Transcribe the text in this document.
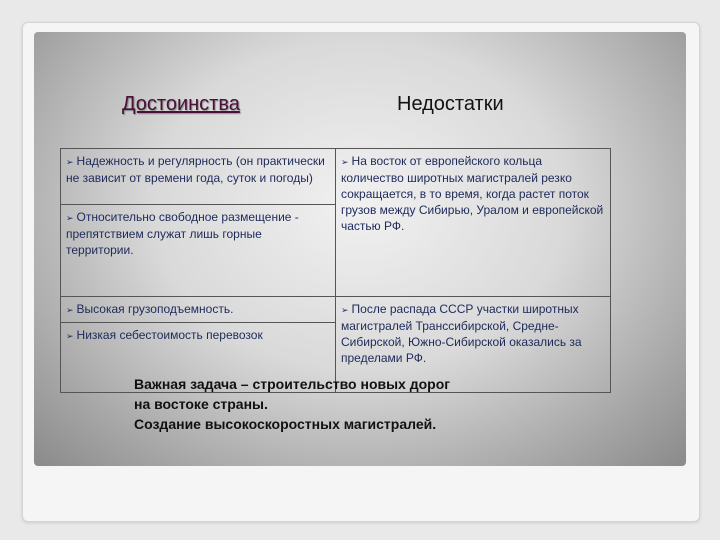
Достоинства	Недостатки
➢ Надежность и регулярность (он практически не зависит от времени года, суток и погоды)	➢ На восток от европейского кольца количество широтных магистралей резко сокращается, в то время, когда растет поток грузов между Сибирью, Уралом и европейской частью РФ.
➢ Относительно свободное размещение - препятствием служат лишь горные территории.	
➢ Высокая грузоподъемность.	➢ После распада СССР участки широтных магистралей Транссибирской, Средне-Сибирской, Южно-Сибирской оказались за пределами РФ.
➢ Низкая себестоимость перевозок	
Важная задача – строительство новых дорог
на востоке страны.
Создание высокоскоростных магистралей.
